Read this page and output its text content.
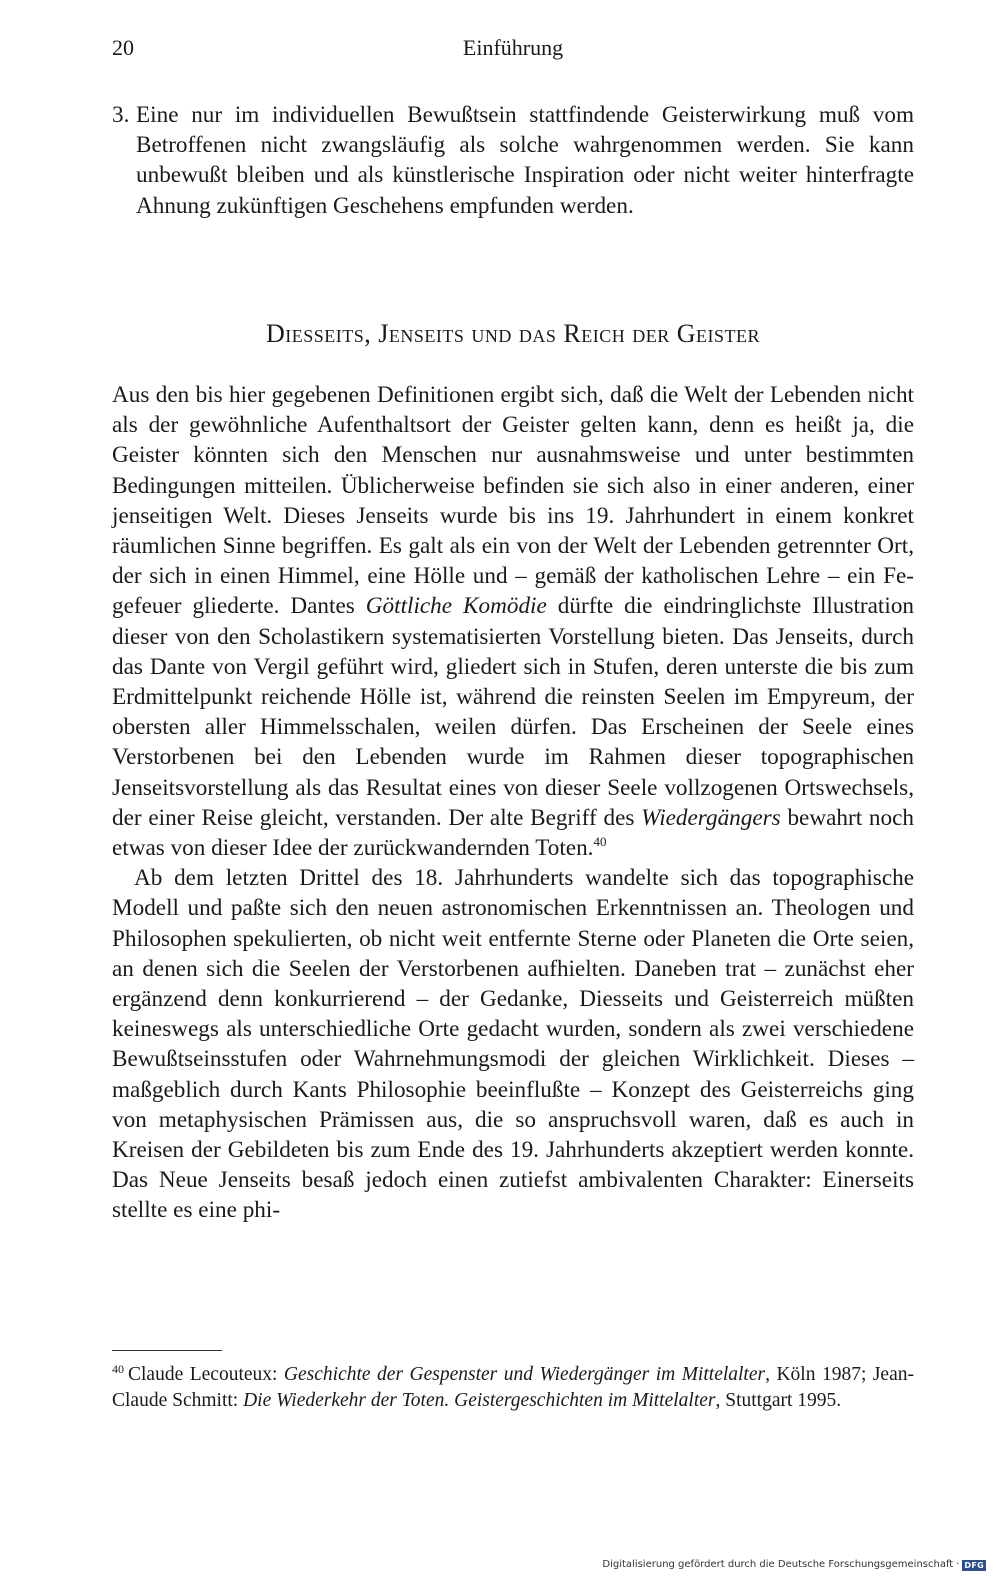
20	Einführung
3. Eine nur im individuellen Bewußtsein stattfindende Geisterwirkung muß vom Betroffenen nicht zwangsläufig als solche wahrgenommen werden. Sie kann unbewußt bleiben und als künstlerische Inspiration oder nicht weiter hinterfragte Ahnung zukünftigen Geschehens empfunden werden.
Diesseits, Jenseits und das Reich der Geister

Aus den bis hier gegebenen Definitionen ergibt sich, daß die Welt der Lebenden nicht als der gewöhnliche Aufenthaltsort der Geister gelten kann, denn es heißt ja, die Geister könnten sich den Menschen nur ausnahmsweise und unter bestimmten Bedingungen mitteilen. Üblicherweise befinden sie sich also in einer anderen, einer jenseitigen Welt. Dieses Jenseits wurde bis ins 19. Jahrhundert in einem konkret räumlichen Sinne begriffen. Es galt als ein von der Welt der Lebenden getrennter Ort, der sich in einen Himmel, eine Hölle und – gemäß der katholischen Lehre – ein Fegefeuer gliederte. Dantes Göttliche Komödie dürfte die eindringlichste Illustration dieser von den Scholastikern systematisierten Vorstellung bieten. Das Jenseits, durch das Dante von Vergil geführt wird, gliedert sich in Stufen, deren unterste die bis zum Erdmittelpunkt reichende Hölle ist, während die reinsten Seelen im Empyreum, der obersten aller Himmelsschalen, weilen dürfen. Das Erscheinen der Seele eines Verstorbenen bei den Lebenden wurde im Rahmen dieser topographischen Jenseitsvorstellung als das Resultat eines von dieser Seele vollzogenen Ortswechsels, der einer Reise gleicht, verstanden. Der alte Begriff des Wiedergängers bewahrt noch etwas von dieser Idee der zurückwandernden Toten.$^{40}$

Ab dem letzten Drittel des 18. Jahrhunderts wandelte sich das topographische Modell und paßte sich den neuen astronomischen Erkenntnissen an. Theologen und Philosophen spekulierten, ob nicht weit entfernte Sterne oder Planeten die Orte seien, an denen sich die Seelen der Verstorbenen aufhielten. Daneben trat – zunächst eher ergänzend denn konkurrierend – der Gedanke, Diesseits und Geisterreich müßten keineswegs als unterschiedliche Orte gedacht wurden, sondern als zwei verschiedene Bewußtseinsstufen oder Wahrnehmungsmodi der gleichen Wirklichkeit. Dieses – maßgeblich durch Kants Philosophie beeinflußte – Konzept des Geisterreichs ging von metaphysischen Prämissen aus, die so anspruchsvoll waren, daß es auch in Kreisen der Gebildeten bis zum Ende des 19. Jahrhunderts akzeptiert werden konnte. Das Neue Jenseits besaß jedoch einen zutiefst ambivalenten Charakter: Einerseits stellte es eine phi-

$^{40}$ Claude Lecouteux: Geschichte der Gespenster und Wiedergänger im Mittelalter, Köln 1987; Jean-Claude Schmitt: Die Wiederkehr der Toten. Geistergeschichten im Mittelalter, Stuttgart 1995.
Digitalisierung gefördert durch die Deutsche Forschungsgemeinschaft · DFG
